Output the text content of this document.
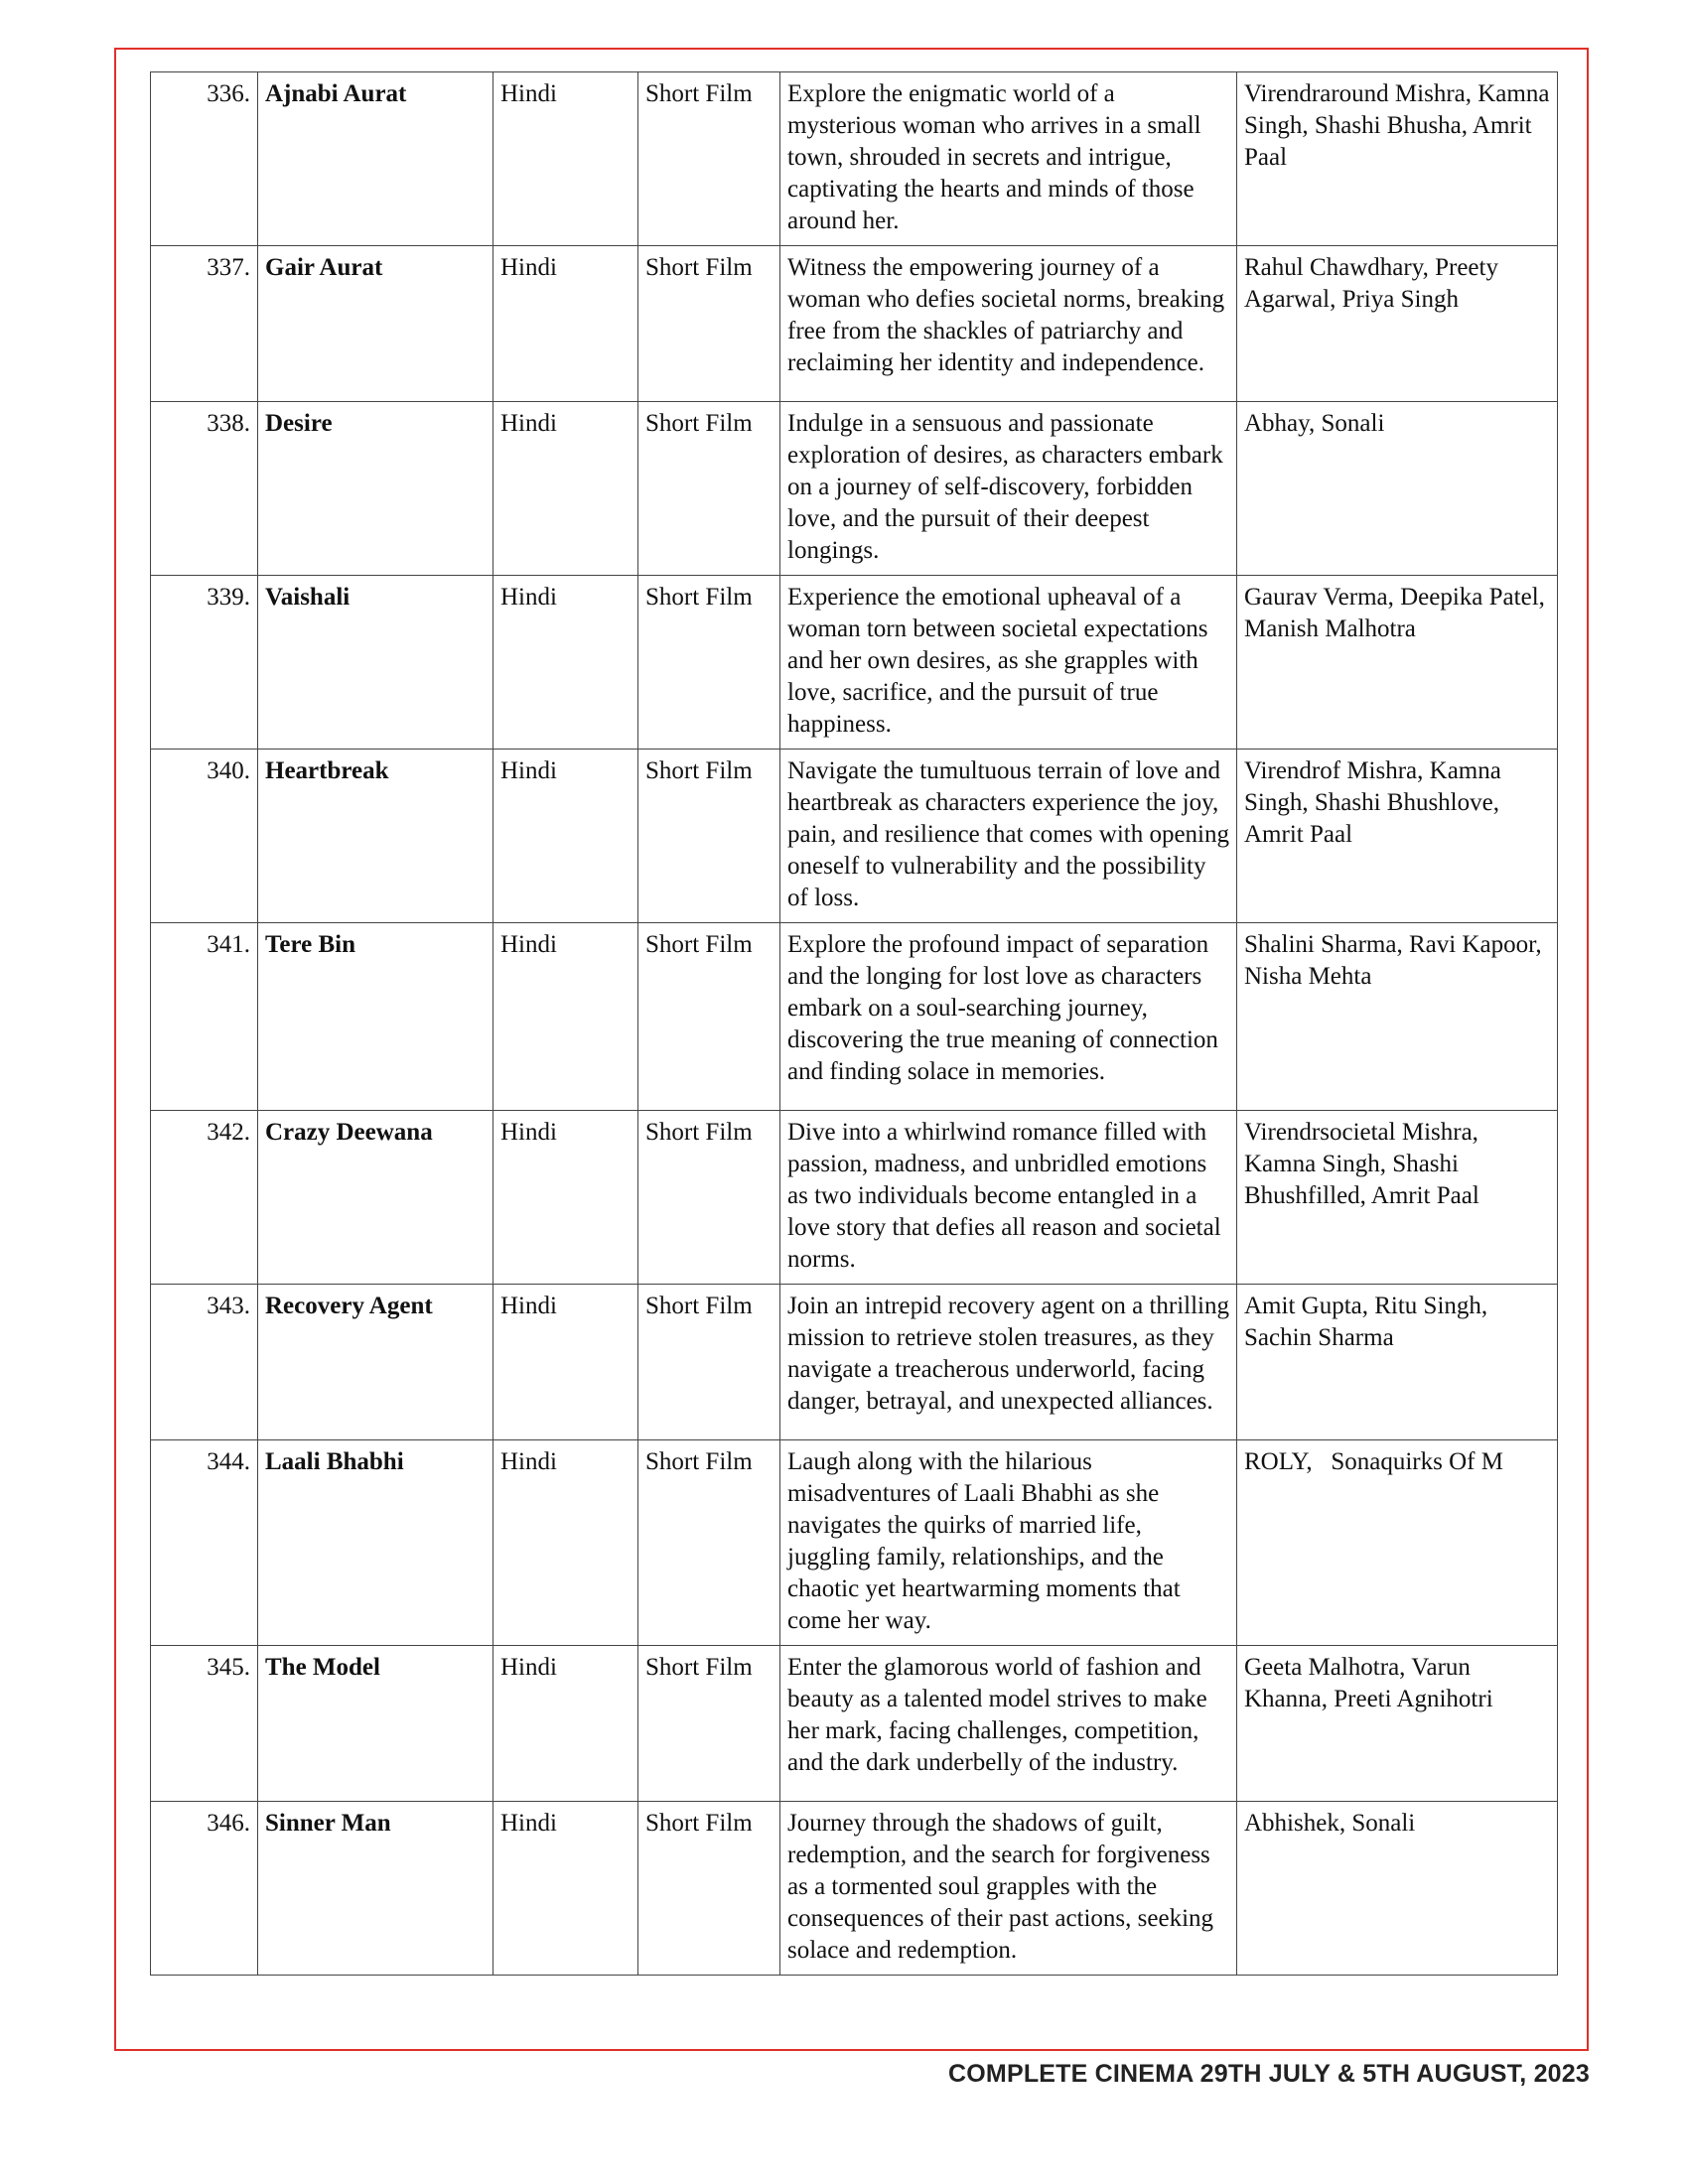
336.	Ajnabi Aurat	Hindi	Short Film	Explore the enigmatic world of a mysterious woman who arrives in a small town, shrouded in secrets and intrigue, captivating the hearts and minds of those around her.	Virendraround Mishra, Kamna Singh, Shashi Bhusha, Amrit Paal
337.	Gair Aurat	Hindi	Short Film	Witness the empowering journey of a woman who defies societal norms, breaking free from the shackles of patriarchy and reclaiming her identity and independence.	Rahul Chawdhary, Preety Agarwal, Priya Singh
338.	Desire	Hindi	Short Film	Indulge in a sensuous and passionate exploration of desires, as characters embark on a journey of self-discovery, forbidden love, and the pursuit of their deepest longings.	Abhay, Sonali
339.	Vaishali	Hindi	Short Film	Experience the emotional upheaval of a woman torn between societal expectations and her own desires, as she grapples with love, sacrifice, and the pursuit of true happiness.	Gaurav Verma, Deepika Patel, Manish Malhotra
340.	Heartbreak	Hindi	Short Film	Navigate the tumultuous terrain of love and heartbreak as characters experience the joy, pain, and resilience that comes with opening oneself to vulnerability and the possibility of loss.	Virendrof Mishra, Kamna Singh, Shashi Bhushlove, Amrit Paal
341.	Tere Bin	Hindi	Short Film	Explore the profound impact of separation and the longing for lost love as characters embark on a soul-searching journey, discovering the true meaning of connection and finding solace in memories.	Shalini Sharma, Ravi Kapoor, Nisha Mehta
342.	Crazy Deewana	Hindi	Short Film	Dive into a whirlwind romance filled with passion, madness, and unbridled emotions as two individuals become entangled in a love story that defies all reason and societal norms.	Virendrsocietal Mishra, Kamna Singh, Shashi Bhushfilled, Amrit Paal
343.	Recovery Agent	Hindi	Short Film	Join an intrepid recovery agent on a thrilling mission to retrieve stolen treasures, as they navigate a treacherous underworld, facing danger, betrayal, and unexpected alliances.	Amit Gupta, Ritu Singh, Sachin Sharma
344.	Laali Bhabhi	Hindi	Short Film	Laugh along with the hilarious misadventures of Laali Bhabhi as she navigates the quirks of married life, juggling family, relationships, and the chaotic yet heartwarming moments that come her way.	ROLY,   Sonaquirks Of M
345.	The Model	Hindi	Short Film	Enter the glamorous world of fashion and beauty as a talented model strives to make her mark, facing challenges, competition, and the dark underbelly of the industry.	Geeta Malhotra, Varun Khanna, Preeti Agnihotri
346.	Sinner Man	Hindi	Short Film	Journey through the shadows of guilt, redemption, and the search for forgiveness as a tormented soul grapples with the consequences of their past actions, seeking solace and redemption.	Abhishek, Sonali
COMPLETE CINEMA 29TH JULY & 5TH AUGUST, 2023
